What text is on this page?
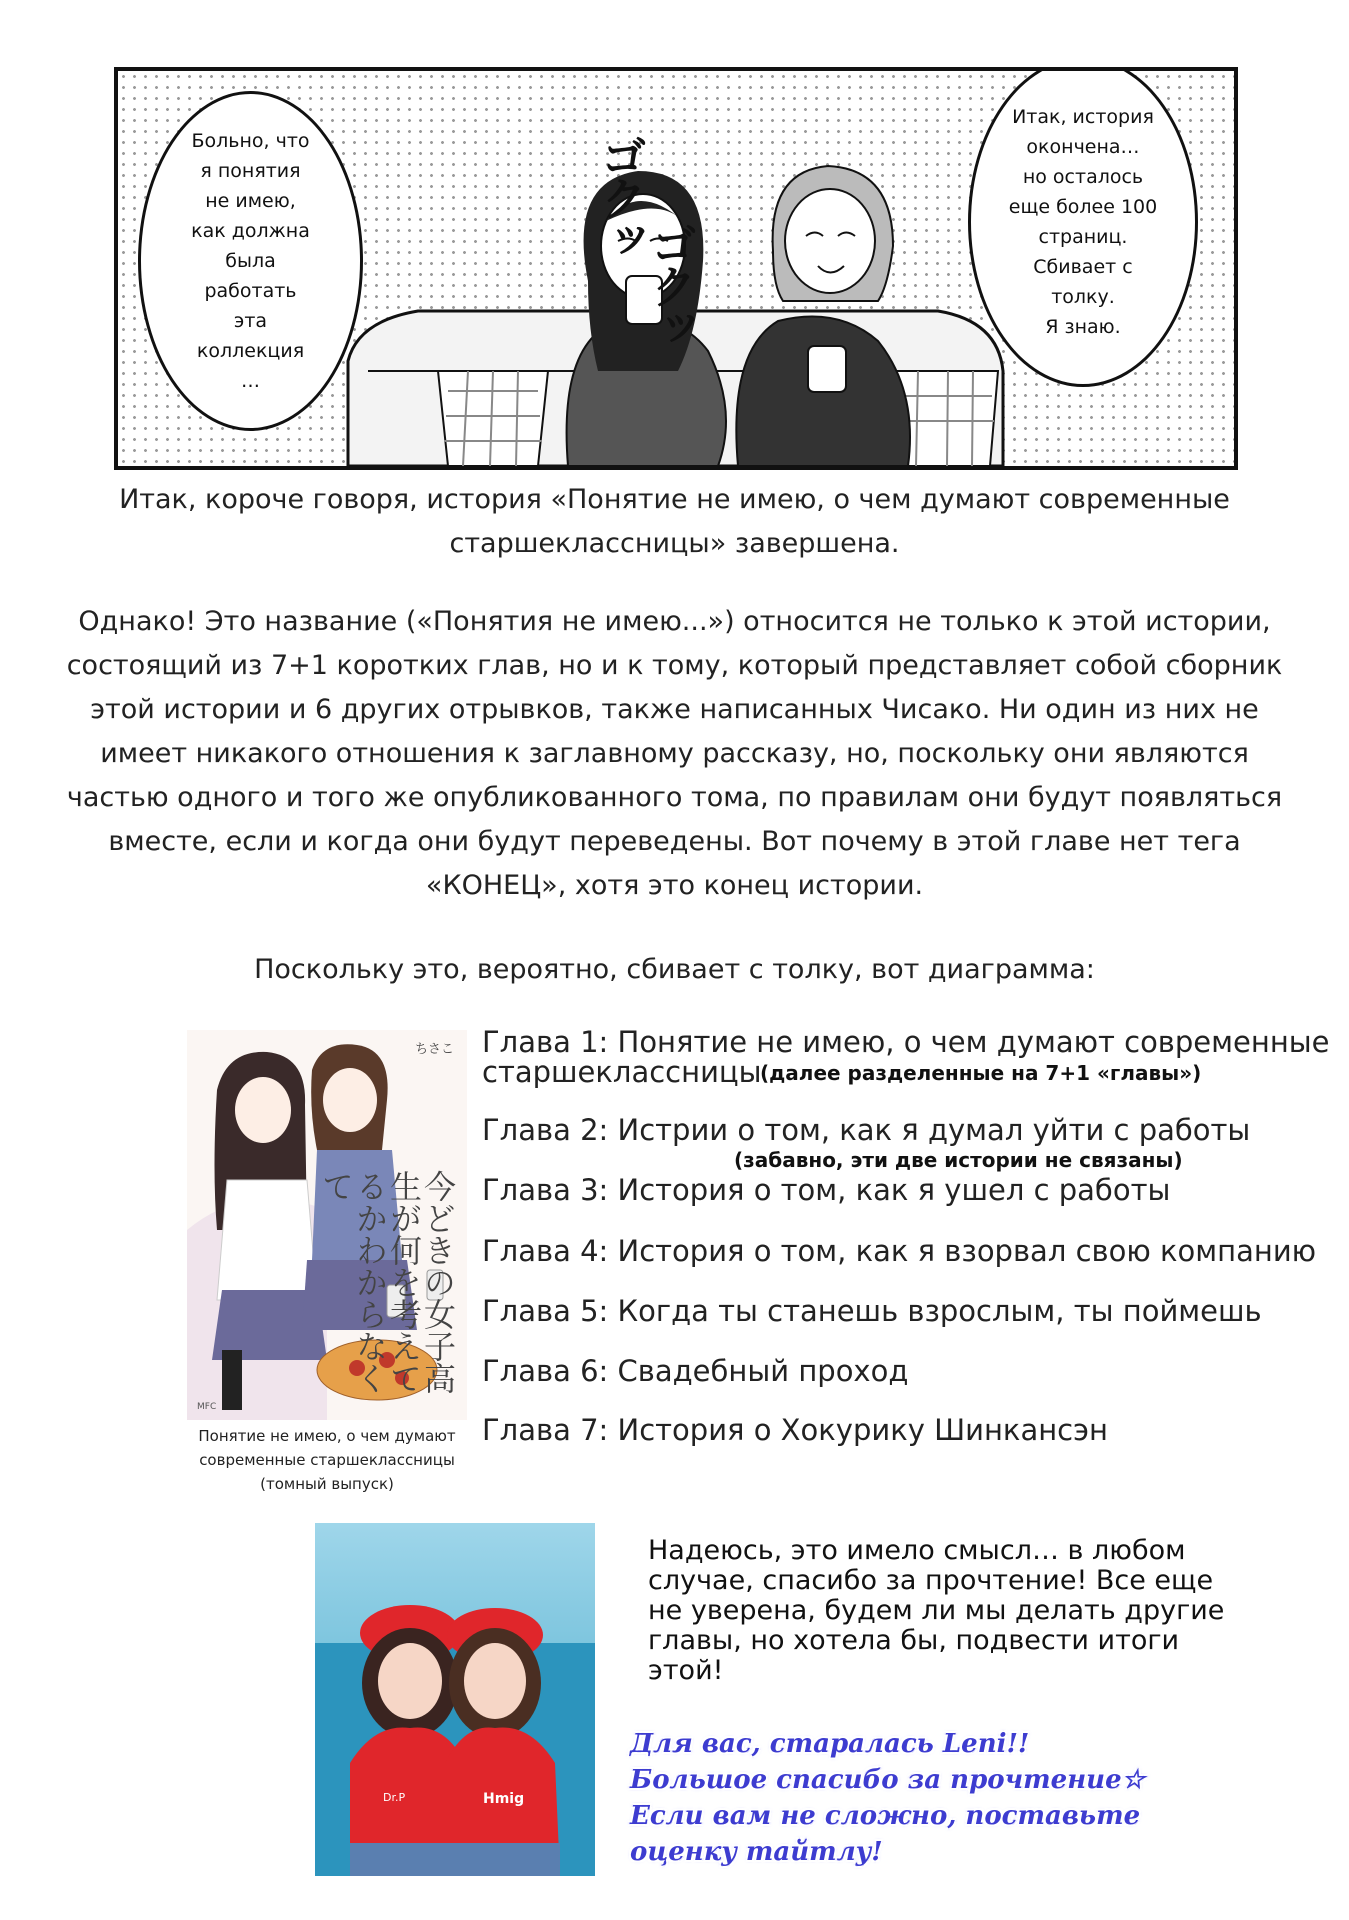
Больно, что
я понятия
не имею,
как должна
была
работать
эта
коллекция
…
Итак, история
окончена…
но осталось
еще более 100
страниц.
Сбивает с
толку.
Я знаю.
ゴクッ
ゴクッ
Итак, короче говоря, история «Понятие не имею, о чем думают современные
старшеклассницы» завершена.
Однако! Это название («Понятия не имею...») относится не только к этой истории,
состоящий из 7+1 коротких глав, но и к тому, который представляет собой сборник
этой истории и 6 других отрывков, также написанных Чисако. Ни один из них не
имеет никакого отношения к заглавному рассказу, но, поскольку они являются
частью одного и того же опубликованного тома, по правилам они будут появляться
вместе, если и когда они будут переведены. Вот почему в этой главе нет тега
«КОНЕЦ», хотя это конец истории.
Поскольку это, вероятно, сбивает с толку, вот диаграмма:
ちさこ
今どきの女子高生が何を考えてるかわからなくて
MFC
Понятие не имею, о чем думают
современные старшеклассницы
(томный выпуск)
Глава 1: Понятие не имею, о чем думают современные
старшеклассницы
(далее разделенные на 7+1 «главы»)
Глава 2: Истрии о том, как я думал уйти с работы
(забавно, эти две истории не связаны)
Глава 3: История о том, как я ушел с работы
Глава 4: История о том, как я взорвал свою компанию
Глава 5: Когда ты станешь взрослым, ты поймешь
Глава 6: Свадебный проход
Глава 7: История о Хокурику Шинкансэн
Dr.P	Hmig
Надеюсь, это имело смысл… в любом
случае, спасибо за прочтение! Все еще
не уверена, будем ли мы делать другие
главы, но хотела бы, подвести итоги
этой!
Для вас, старалась Leni!!
Большое спасибо за прочтение☆
Если вам не сложно, поставьте
оценку тайтлу!
